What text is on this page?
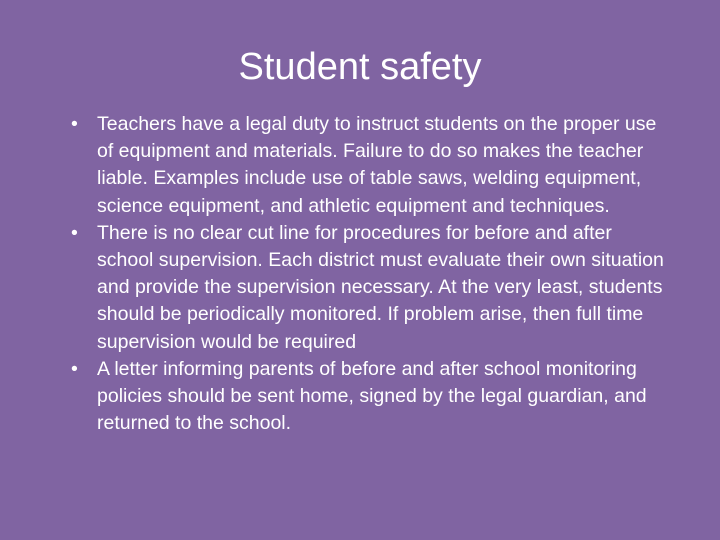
Student safety
• Teachers have a legal duty to instruct students on the proper use of equipment and materials. Failure to do so makes the teacher liable. Examples include use of table saws, welding equipment, science equipment, and athletic equipment and techniques.
• There is no clear cut line for procedures for before and after school supervision. Each district must evaluate their own situation and provide the supervision necessary. At the very least, students should be periodically monitored. If problem arise, then full time supervision would be required
• A letter informing parents of before and after school monitoring policies should be sent home, signed by the legal guardian, and returned to the school.
